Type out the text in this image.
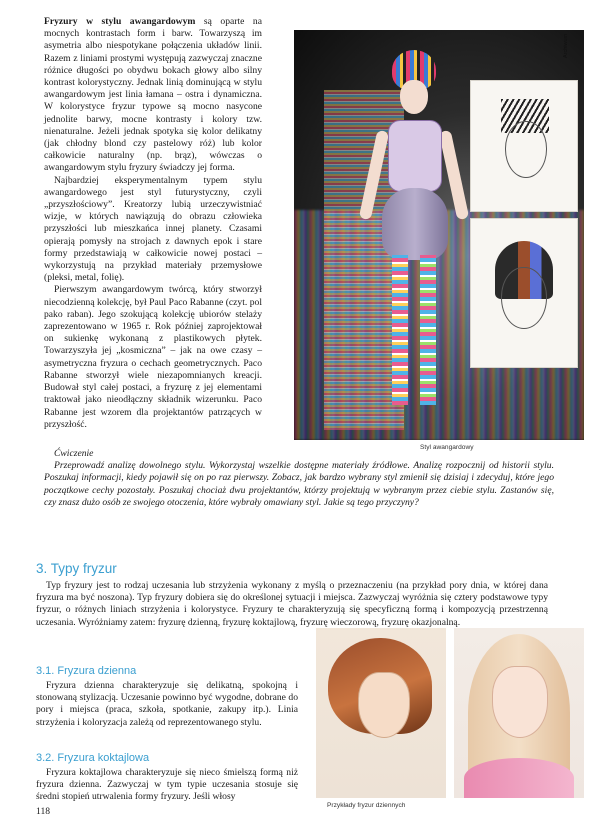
Fryzury w stylu awangardowym są oparte na mocnych kontrastach form i barw. Towarzyszą im asymetria albo niespotykane połączenia układów linii. Razem z liniami prostymi występują zazwyczaj znaczne różnice długości po obydwu bokach głowy albo silny kontrast kolorystyczny. Jednak linią dominującą w stylu awangardowym jest linia łamana – ostra i dynamiczna. W kolorystyce fryzur typowe są mocno nasycone jednolite barwy, mocne kontrasty i kolory tzw. nienaturalne. Jeżeli jednak spotyka się kolor delikatny (jak chłodny blond czy pastelowy róż) lub kolor całkowicie naturalny (np. brąz), wówczas o awangardowym stylu fryzury świadczy jej forma.

Najbardziej eksperymentalnym typem stylu awangardowego jest styl futurystyczny, czyli „przyszłościowy”. Kreatorzy lubią urzeczywistniać wizje, w których nawiązują do obrazu człowieka przyszłości lub mieszkańca innej planety. Czasami opierają pomysły na strojach z dawnych epok i stare formy przedstawiają w całkowicie nowej postaci – wykorzystują na przykład materiały przemysłowe (pleksi, metal, folię).

Pierwszym awangardowym twórcą, który stworzył niecodzienną kolekcję, był Paul Paco Rabanne (czyt. pol pako raban). Jego szokującą kolekcję ubiorów stelaży zaprezentowano w 1965 r. Rok później zaprojektował on sukienkę wykonaną z plastikowych płytek. Towarzyszyła jej „kosmiczna” – jak na owe czasy – asymetryczna fryzura o cechach geometrycznych. Paco Rabanne stworzył wiele niezapomnianych kreacji. Budował styl całej postaci, a fryzurę z jej elementami traktował jako nieodłączny składnik wizerunku. Paco Rabanne jest wzorem dla projektantów patrzących w przyszłość.

Archiwum
Styl awangardowy

Ćwiczenie

Przeprowadź analizę dowolnego stylu. Wykorzystaj wszelkie dostępne materiały źródłowe. Analizę rozpocznij od historii stylu. Poszukaj informacji, kiedy pojawił się on po raz pierwszy. Zobacz, jak bardzo wybrany styl zmienił się dzisiaj i zdecyduj, które jego początkowe cechy pozostały. Poszukaj chociaż dwu projektantów, którzy projektują w wybranym przez ciebie stylu. Zastanów się, czy znasz dużo osób ze swojego otoczenia, które wybrały omawiany styl. Jakie są tego przyczyny?

3. Typy fryzur

Typ fryzury jest to rodzaj uczesania lub strzyżenia wykonany z myślą o przeznaczeniu (na przykład pory dnia, w której dana fryzura ma być noszona). Typ fryzury dobiera się do określonej sytuacji i miejsca. Zazwyczaj wyróżnia się cztery podstawowe typy fryzur, o różnych liniach strzyżenia i kolorystyce. Fryzury te charakteryzują się specyficzną formą i kompozycją przestrzenną uczesania. Wyróżniamy zatem: fryzurę dzienną, fryzurę koktajlową, fryzurę wieczorową, fryzurę okazjonalną.

3.1. Fryzura dzienna

Fryzura dzienna charakteryzuje się delikatną, spokojną i stonowaną stylizacją. Uczesanie powinno być wygodne, dobrane do pory i miejsca (praca, szkoła, spotkanie, zakupy itp.). Linia strzyżenia i koloryzacja zależą od reprezentowanego stylu.

3.2. Fryzura koktajlowa

Fryzura koktajlowa charakteryzuje się nieco śmielszą formą niż fryzura dzienna. Zazwyczaj w tym typie uczesania stosuje się średni stopień utrwalenia formy fryzury. Jeśli włosy

Przykłady fryzur dziennych
118
